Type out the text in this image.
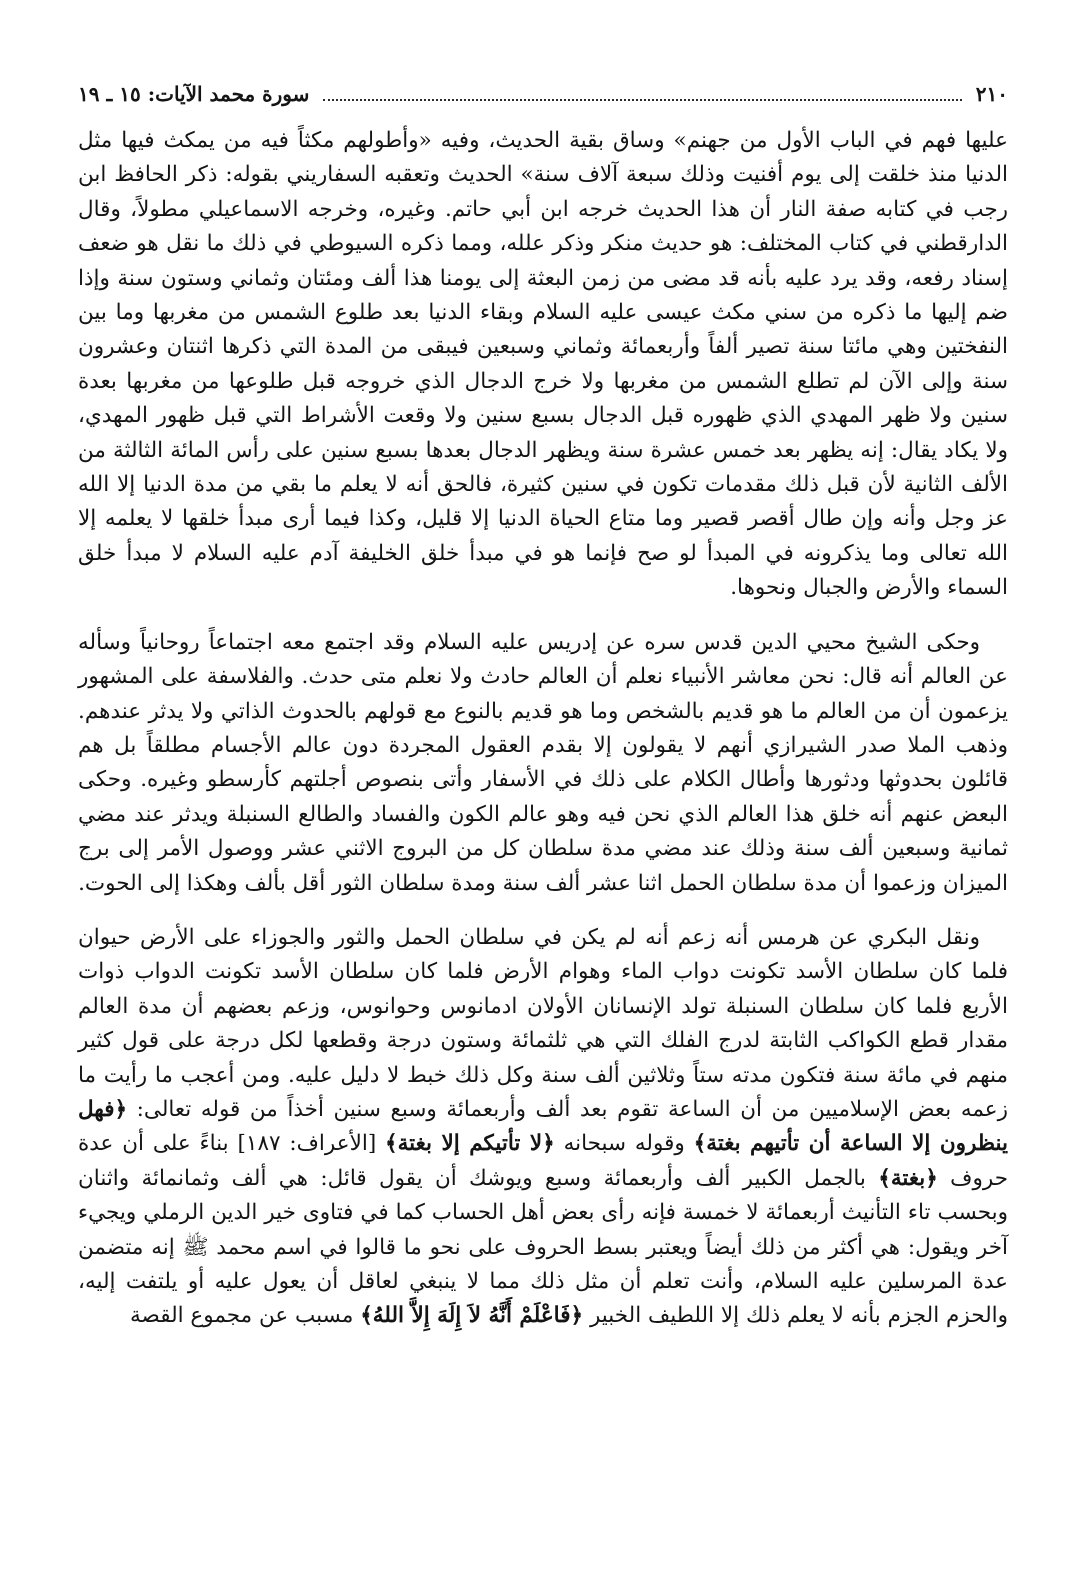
٢١٠
سورة محمد الآيات: ١٥ ـ ١٩

عليها فهم في الباب الأول من جهنم» وساق بقية الحديث، وفيه «وأطولهم مكثاً فيه من يمكث فيها مثل الدنيا منذ خلقت إلى يوم أفنيت وذلك سبعة آلاف سنة» الحديث وتعقبه السفاريني بقوله: ذكر الحافظ ابن رجب في كتابه صفة النار أن هذا الحديث خرجه ابن أبي حاتم. وغيره، وخرجه الاسماعيلي مطولاً، وقال الدارقطني في كتاب المختلف: هو حديث منكر وذكر علله، ومما ذكره السيوطي في ذلك ما نقل هو ضعف إسناد رفعه، وقد يرد عليه بأنه قد مضى من زمن البعثة إلى يومنا هذا ألف ومئتان وثماني وستون سنة وإذا ضم إليها ما ذكره من سني مكث عيسى عليه السلام وبقاء الدنيا بعد طلوع الشمس من مغربها وما بين النفختين وهي مائتا سنة تصير ألفاً وأربعمائة وثماني وسبعين فيبقى من المدة التي ذكرها اثنتان وعشرون سنة وإلى الآن لم تطلع الشمس من مغربها ولا خرج الدجال الذي خروجه قبل طلوعها من مغربها بعدة سنين ولا ظهر المهدي الذي ظهوره قبل الدجال بسبع سنين ولا وقعت الأشراط التي قبل ظهور المهدي، ولا يكاد يقال: إنه يظهر بعد خمس عشرة سنة ويظهر الدجال بعدها بسبع سنين على رأس المائة الثالثة من الألف الثانية لأن قبل ذلك مقدمات تكون في سنين كثيرة، فالحق أنه لا يعلم ما بقي من مدة الدنيا إلا الله عز وجل وأنه وإن طال أقصر قصير وما متاع الحياة الدنيا إلا قليل، وكذا فيما أرى مبدأ خلقها لا يعلمه إلا الله تعالى وما يذكرونه في المبدأ لو صح فإنما هو في مبدأ خلق الخليفة آدم عليه السلام لا مبدأ خلق السماء والأرض والجبال ونحوها.

وحكى الشيخ محيي الدين قدس سره عن إدريس عليه السلام وقد اجتمع معه اجتماعاً روحانياً وسأله عن العالم أنه قال: نحن معاشر الأنبياء نعلم أن العالم حادث ولا نعلم متى حدث. والفلاسفة على المشهور يزعمون أن من العالم ما هو قديم بالشخص وما هو قديم بالنوع مع قولهم بالحدوث الذاتي ولا يدثر عندهم. وذهب الملا صدر الشيرازي أنهم لا يقولون إلا بقدم العقول المجردة دون عالم الأجسام مطلقاً بل هم قائلون بحدوثها ودثورها وأطال الكلام على ذلك في الأسفار وأتى بنصوص أجلتهم كأرسطو وغيره. وحكى البعض عنهم أنه خلق هذا العالم الذي نحن فيه وهو عالم الكون والفساد والطالع السنبلة ويدثر عند مضي ثمانية وسبعين ألف سنة وذلك عند مضي مدة سلطان كل من البروج الاثني عشر ووصول الأمر إلى برج الميزان وزعموا أن مدة سلطان الحمل اثنا عشر ألف سنة ومدة سلطان الثور أقل بألف وهكذا إلى الحوت.

ونقل البكري عن هرمس أنه زعم أنه لم يكن في سلطان الحمل والثور والجوزاء على الأرض حيوان فلما كان سلطان الأسد تكونت دواب الماء وهوام الأرض فلما كان سلطان الأسد تكونت الدواب ذوات الأربع فلما كان سلطان السنبلة تولد الإنسانان الأولان ادمانوس وحوانوس، وزعم بعضهم أن مدة العالم مقدار قطع الكواكب الثابتة لدرج الفلك التي هي ثلثمائة وستون درجة وقطعها لكل درجة على قول كثير منهم في مائة سنة فتكون مدته ستاً وثلاثين ألف سنة وكل ذلك خبط لا دليل عليه. ومن أعجب ما رأيت ما زعمه بعض الإسلاميين من أن الساعة تقوم بعد ألف وأربعمائة وسبع سنين أخذاً من قوله تعالى: ﴿فهل ينظرون إلا الساعة أن تأتيهم بغتة﴾ وقوله سبحانه ﴿لا تأتيكم إلا بغتة﴾ [الأعراف: ١٨٧] بناءً على أن عدة حروف ﴿بغتة﴾ بالجمل الكبير ألف وأربعمائة وسبع ويوشك أن يقول قائل: هي ألف وثمانمائة واثنان وبحسب تاء التأنيث أربعمائة لا خمسة فإنه رأى بعض أهل الحساب كما في فتاوى خير الدين الرملي ويجيء آخر ويقول: هي أكثر من ذلك أيضاً ويعتبر بسط الحروف على نحو ما قالوا في اسم محمد ﷺ إنه متضمن عدة المرسلين عليه السلام، وأنت تعلم أن مثل ذلك مما لا ينبغي لعاقل أن يعول عليه أو يلتفت إليه، والحزم الجزم بأنه لا يعلم ذلك إلا اللطيف الخبير ﴿فَاعْلَمْ أَنَّهُ لاَ إِلَهَ إِلاَّ اللهُ﴾ مسبب عن مجموع القصة
